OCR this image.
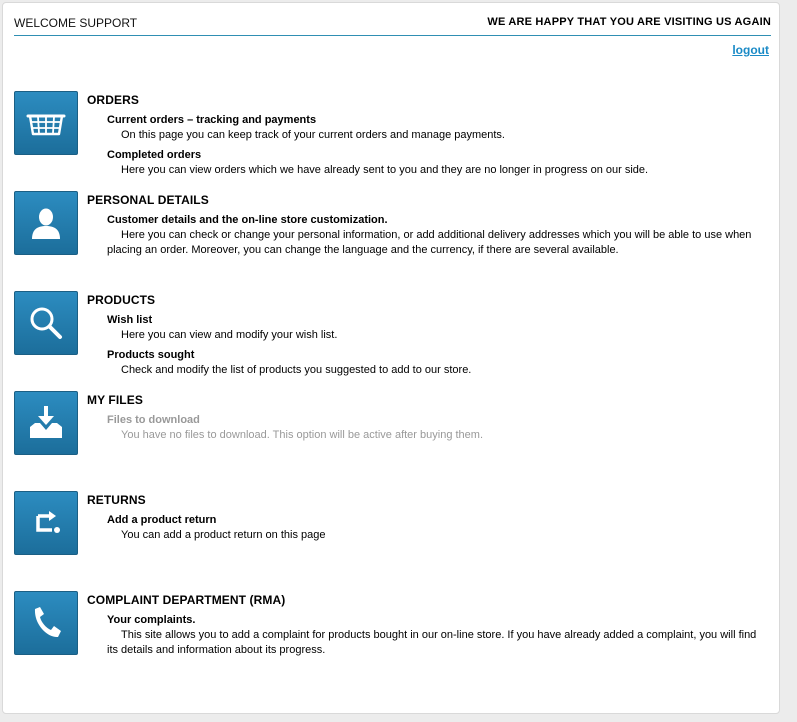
WELCOME SUPPORT	WE ARE HAPPY THAT YOU ARE VISITING US AGAIN
logout
ORDERS
Current orders – tracking and payments
On this page you can keep track of your current orders and manage payments.
Completed orders
Here you can view orders which we have already sent to you and they are no longer in progress on our side.
PERSONAL DETAILS
Customer details and the on-line store customization.
Here you can check or change your personal information, or add additional delivery addresses which you will be able to use when placing an order. Moreover, you can change the language and the currency, if there are several available.
PRODUCTS
Wish list
Here you can view and modify your wish list.
Products sought
Check and modify the list of products you suggested to add to our store.
MY FILES
Files to download
You have no files to download. This option will be active after buying them.
RETURNS
Add a product return
You can add a product return on this page
COMPLAINT DEPARTMENT (RMA)
Your complaints.
This site allows you to add a complaint for products bought in our on-line store. If you have already added a complaint, you will find its details and information about its progress.
